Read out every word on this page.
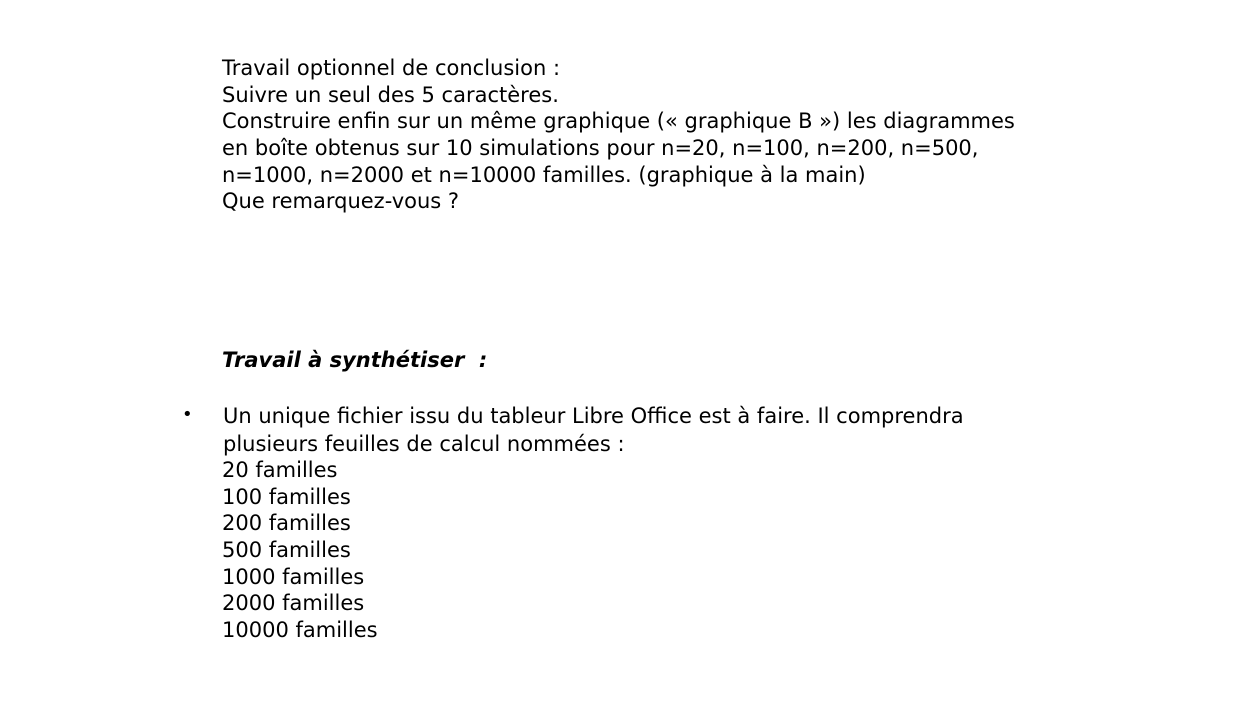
Travail optionnel de conclusion :
Suivre un seul des 5 caractères.
Construire enfin sur un même graphique (« graphique B ») les diagrammes
en boîte obtenus sur 10 simulations pour n=20, n=100, n=200, n=500,
n=1000, n=2000 et n=10000 familles. (graphique à la main)
Que remarquez-vous ?
Travail à synthétiser  :
• Un unique fichier issu du tableur Libre Office est à faire. Il comprendra
plusieurs feuilles de calcul nommées :
20 familles
100 familles
200 familles
500 familles
1000 familles
2000 familles
10000 familles
